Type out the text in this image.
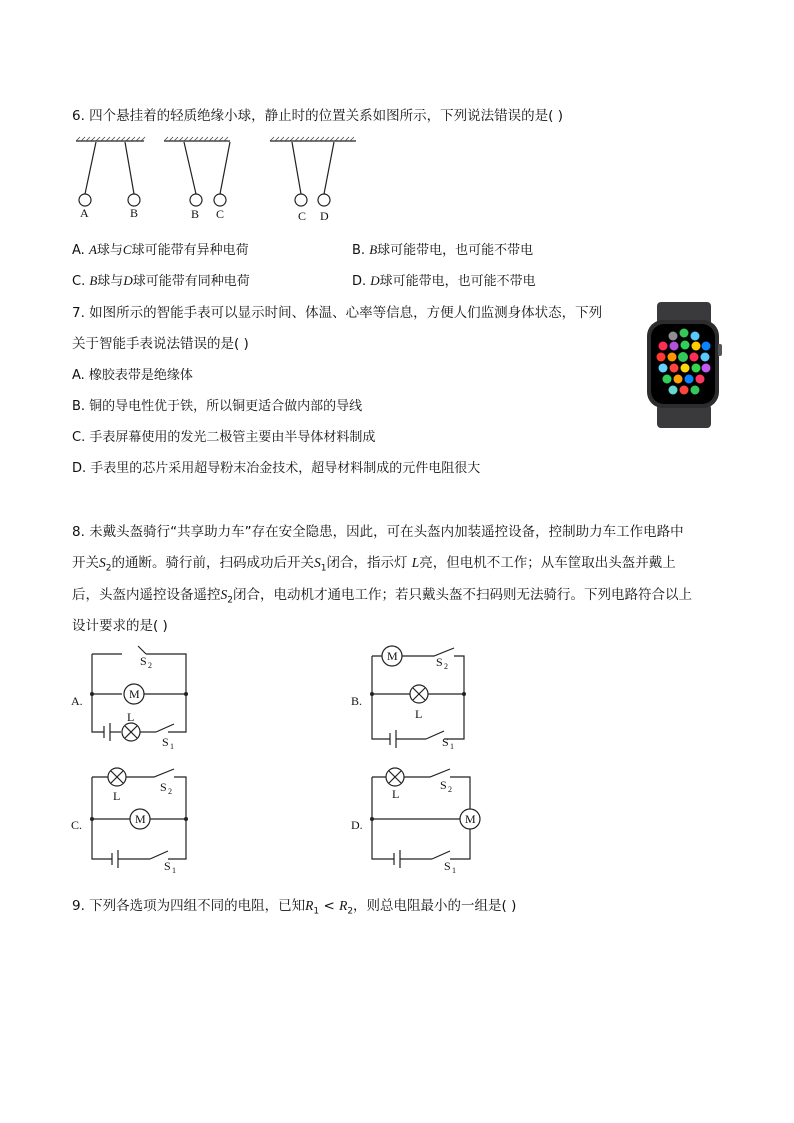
6. 四个悬挂着的轻质绝缘小球，静止时的位置关系如图所示，下列说法错误的是( )
A	B	B C	C D
A. A球与C球可能带有异种电荷	B. B球可能带电，也可能不带电
C. B球与D球可能带有同种电荷	D. D球可能带电，也可能不带电
7. 如图所示的智能手表可以显示时间、体温、心率等信息，方便人们监测身体状态，下列
关于智能手表说法错误的是( )
A. 橡胶表带是绝缘体
B. 铜的导电性优于铁，所以铜更适合做内部的导线
C. 手表屏幕使用的发光二极管主要由半导体材料制成
D. 手表里的芯片采用超导粉末冶金技术，超导材料制成的元件电阻很大
8. 未戴头盔骑行“共享助力车”存在安全隐患，因此，可在头盔内加装遥控设备，控制助力车工作电路中
开关$S_2$的通断。骑行前，扫码成功后开关$S_1$闭合，指示灯 L亮，但电机不工作；从车筐取出头盔并戴上
后，头盔内遥控设备遥控$S_2$闭合，电动机才通电工作；若只戴头盔不扫码则无法骑行。下列电路符合以上
设计要求的是( )
A.	M
S 2
L
S 1
B.
M	S 2
L
S 1
C.
L
S 2
M
S 1
D.
L
S 2
M
S 1
9. 下列各选项为四组不同的电阻，已知$R_1 < R_2$，则总电阻最小的一组是( )
